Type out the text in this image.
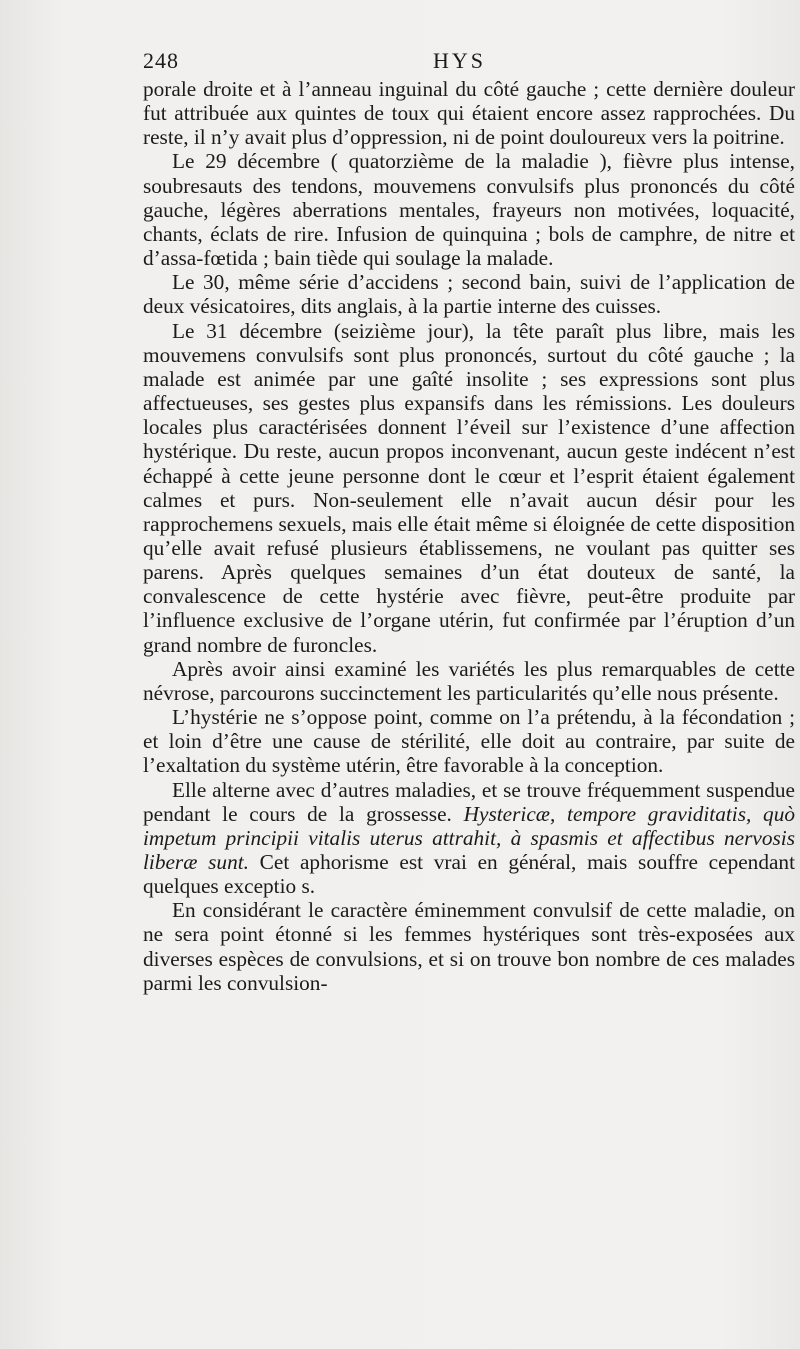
248	HYS

porale droite et à l’anneau inguinal du côté gauche ; cette dernière douleur fut attribuée aux quintes de toux qui étaient encore assez rapprochées. Du reste, il n’y avait plus d’oppression, ni de point douloureux vers la poitrine.

Le 29 décembre ( quatorzième de la maladie ), fièvre plus intense, soubresauts des tendons, mouvemens convulsifs plus prononcés du côté gauche, légères aberrations mentales, frayeurs non motivées, loquacité, chants, éclats de rire. Infusion de quinquina ; bols de camphre, de nitre et d’assa-fœtida ; bain tiède qui soulage la malade.

Le 30, même série d’accidens ; second bain, suivi de l’application de deux vésicatoires, dits anglais, à la partie interne des cuisses.

Le 31 décembre (seizième jour), la tête paraît plus libre, mais les mouvemens convulsifs sont plus prononcés, surtout du côté gauche ; la malade est animée par une gaîté insolite ; ses expressions sont plus affectueuses, ses gestes plus expansifs dans les rémissions. Les douleurs locales plus caractérisées donnent l’éveil sur l’existence d’une affection hystérique. Du reste, aucun propos inconvenant, aucun geste indécent n’est échappé à cette jeune personne dont le cœur et l’esprit étaient également calmes et purs. Non-seulement elle n’avait aucun désir pour les rapprochemens sexuels, mais elle était même si éloignée de cette disposition qu’elle avait refusé plusieurs établissemens, ne voulant pas quitter ses parens. Après quelques semaines d’un état douteux de santé, la convalescence de cette hystérie avec fièvre, peut-être produite par l’influence exclusive de l’organe utérin, fut confirmée par l’éruption d’un grand nombre de furoncles.

Après avoir ainsi examiné les variétés les plus remarquables de cette névrose, parcourons succinctement les particularités qu’elle nous présente.

L’hystérie ne s’oppose point, comme on l’a prétendu, à la fécondation ; et loin d’être une cause de stérilité, elle doit au contraire, par suite de l’exaltation du système utérin, être favorable à la conception.

Elle alterne avec d’autres maladies, et se trouve fréquemment suspendue pendant le cours de la grossesse. Hystericæ, tempore graviditatis, quò impetum principii vitalis uterus attrahit, à spasmis et affectibus nervosis liberæ sunt. Cet aphorisme est vrai en général, mais souffre cependant quelques exceptio s.

En considérant le caractère éminemment convulsif de cette maladie, on ne sera point étonné si les femmes hystériques sont très-exposées aux diverses espèces de convulsions, et si on trouve bon nombre de ces malades parmi les convulsion-
